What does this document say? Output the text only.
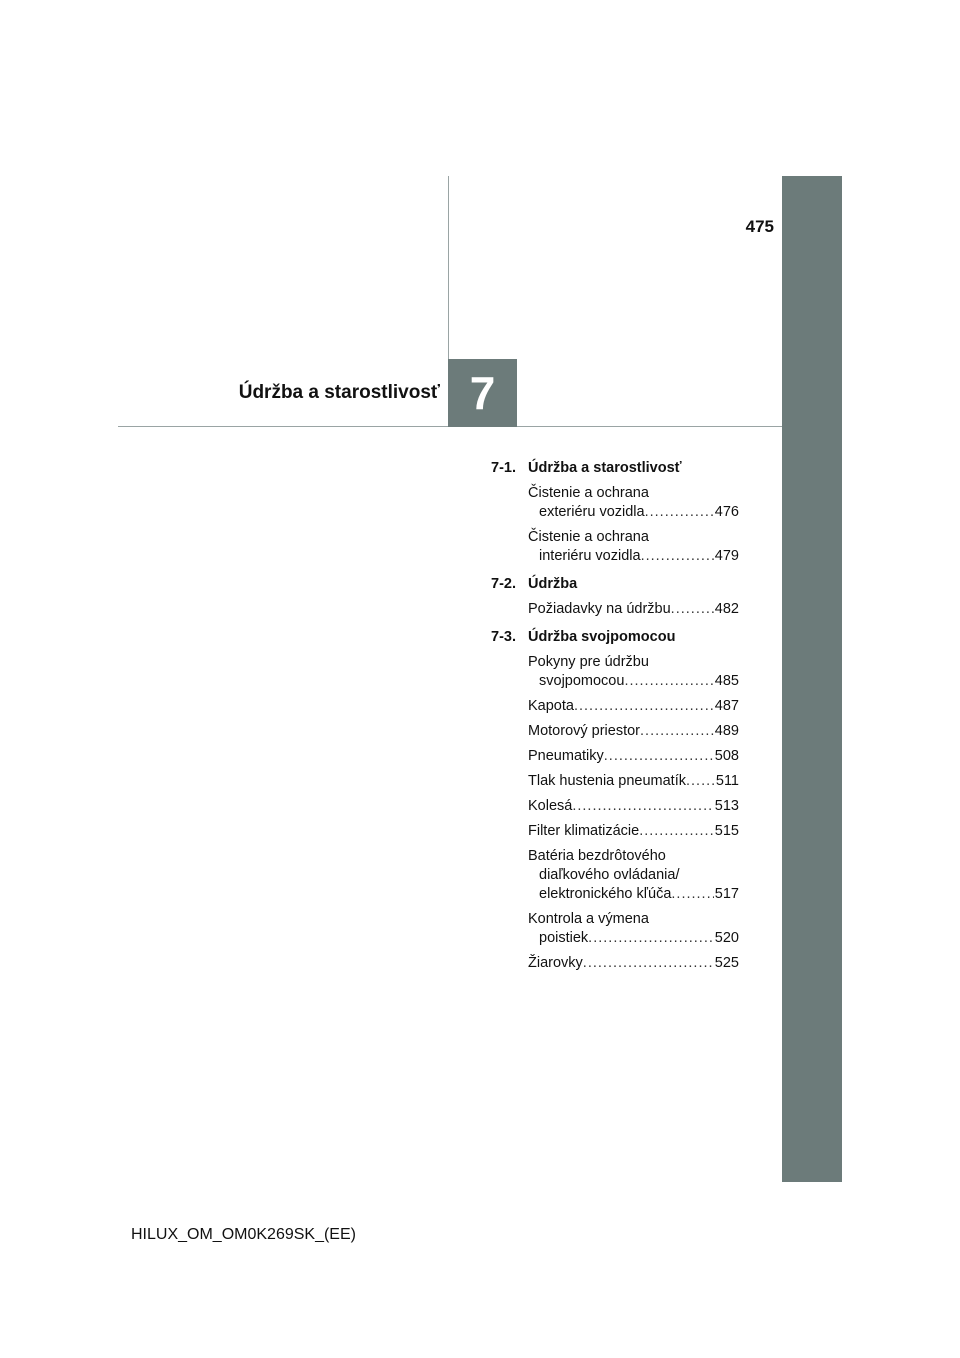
475
Údržba a starostlivosť 7
7-1. Údržba a starostlivosť
Čistenie a ochrana
exteriéru vozidla .....	476
Čistenie a ochrana
interiéru vozidla .....	479
7-2. Údržba
Požiadavky na údržbu .....	482
7-3. Údržba svojpomocou
Pokyny pre údržbu
svojpomocou .....	485
Kapota .....	487
Motorový priestor .....	489
Pneumatiky .....	508
Tlak hustenia pneumatík ..... 511
Kolesá .....	513
Filter klimatizácie .....	515
Batéria bezdrôtového
diaľkového ovládania/
elektronického kľúča .....	517
Kontrola a výmena
poistiek .....	520
Žiarovky .....	525
HILUX_OM_OM0K269SK_(EE)
